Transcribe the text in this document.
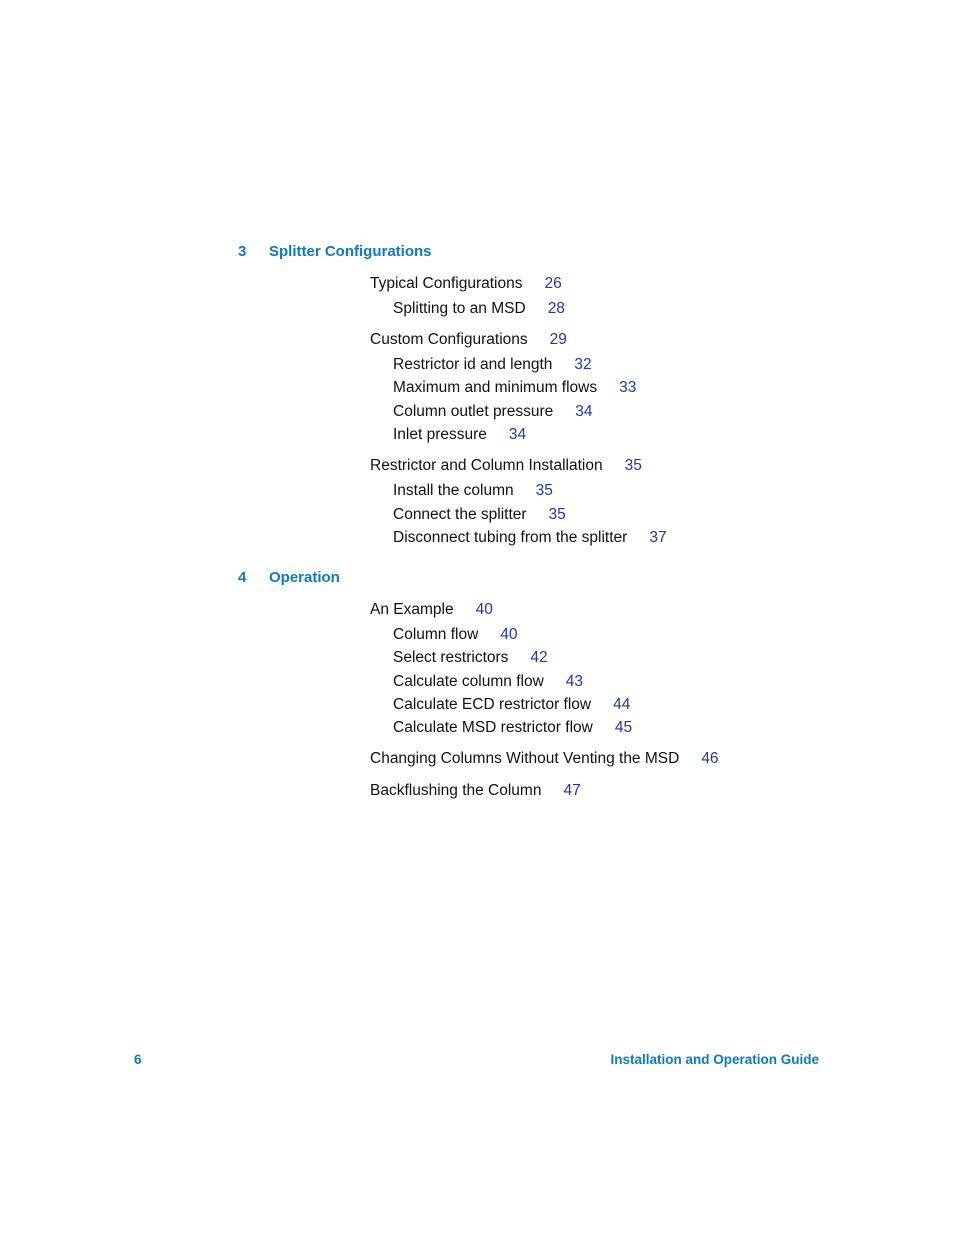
3 Splitter Configurations
Typical Configurations 26
Splitting to an MSD 28
Custom Configurations 29
Restrictor id and length 32
Maximum and minimum flows 33
Column outlet pressure 34
Inlet pressure 34
Restrictor and Column Installation 35
Install the column 35
Connect the splitter 35
Disconnect tubing from the splitter 37
4 Operation
An Example 40
Column flow 40
Select restrictors 42
Calculate column flow 43
Calculate ECD restrictor flow 44
Calculate MSD restrictor flow 45
Changing Columns Without Venting the MSD 46
Backflushing the Column 47
6	Installation and Operation Guide
